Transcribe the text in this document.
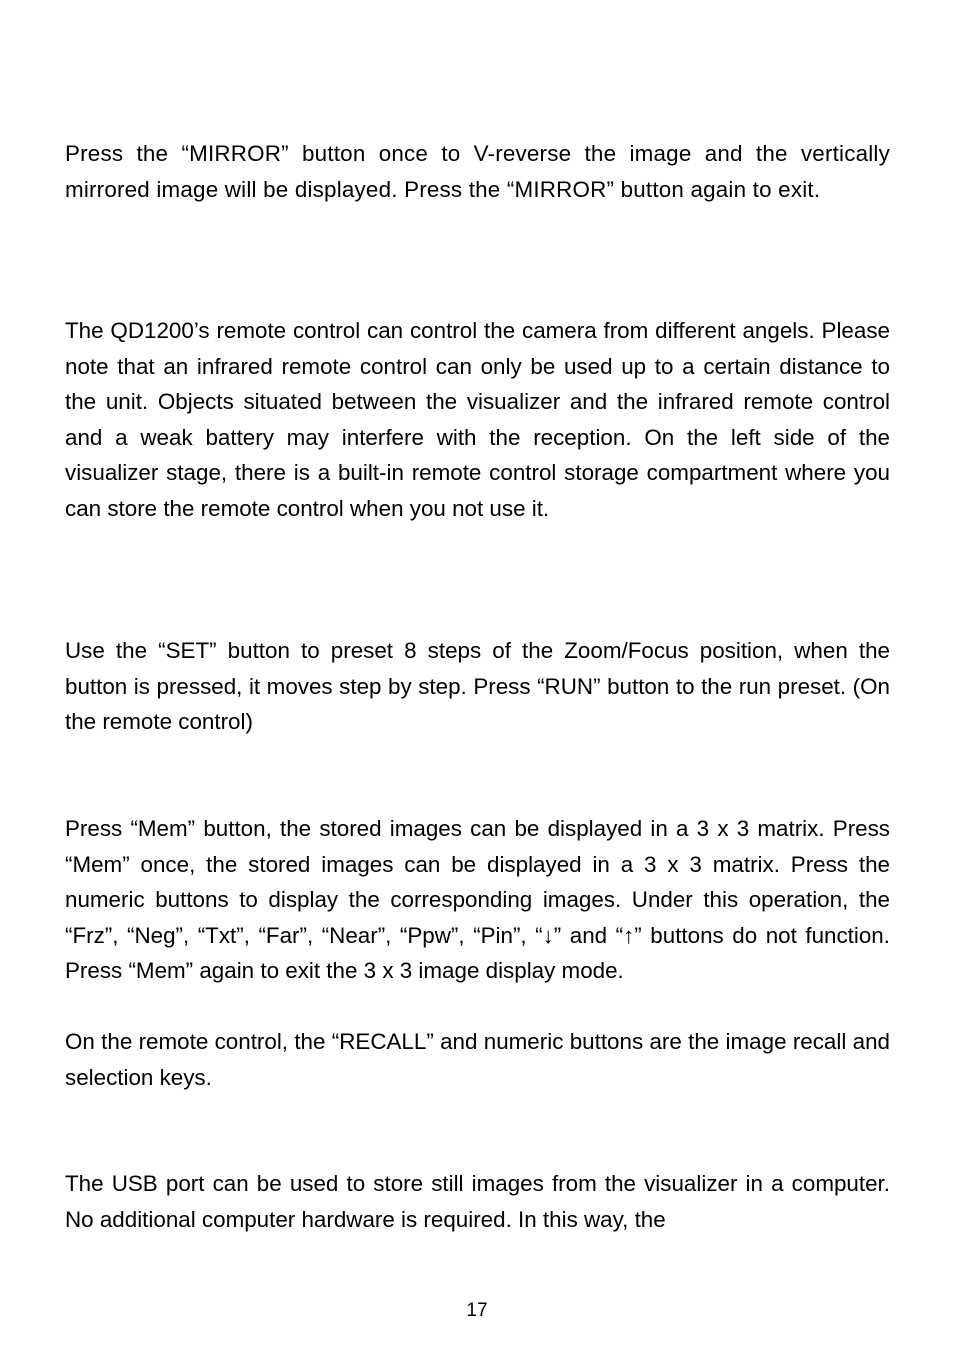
Press the “MIRROR” button once to V-reverse the image and the vertically mirrored image will be displayed. Press the “MIRROR” button again to exit.

The QD1200’s remote control can control the camera from different angels. Please note that an infrared remote control can only be used up to a certain distance to the unit. Objects situated between the visualizer and the infrared remote control and a weak battery may interfere with the reception. On the left side of the visualizer stage, there is a built-in remote control storage compartment where you can store the remote control when you not use it.

Use the “SET” button to preset 8 steps of the Zoom/Focus position, when the button is pressed, it moves step by step. Press “RUN” button to the run preset. (On the remote control)

Press “Mem” button, the stored images can be displayed in a 3 x 3 matrix. Press “Mem” once, the stored images can be displayed in a 3 x 3 matrix. Press the numeric buttons to display the corresponding images. Under this operation, the “Frz”, “Neg”, “Txt”, “Far”, “Near”, “Ppw”, “Pin”, “↓” and “↑” buttons do not function. Press “Mem” again to exit the 3 x 3 image display mode.

On the remote control, the “RECALL” and numeric buttons are the image recall and selection keys.

The USB port can be used to store still images from the visualizer in a computer. No additional computer hardware is required. In this way, the

17
